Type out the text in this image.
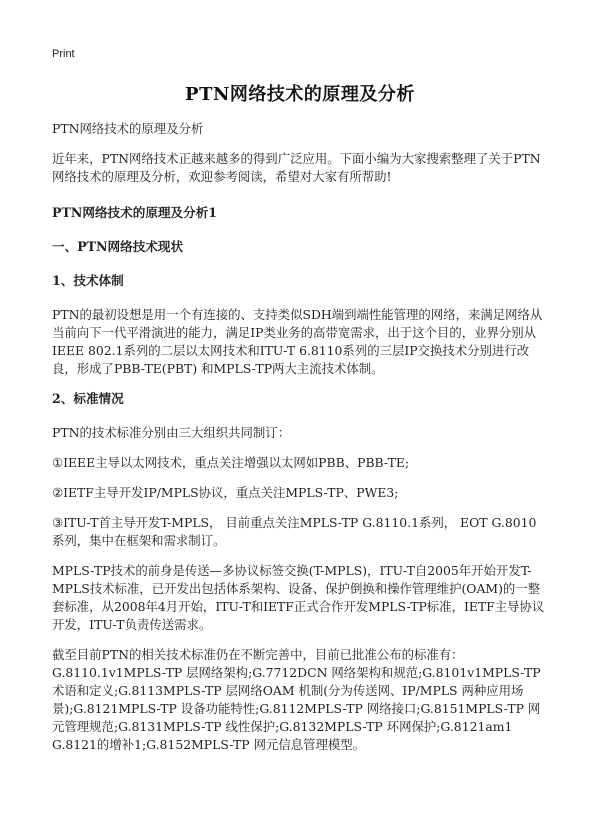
Print
PTN网络技术的原理及分析

PTN网络技术的原理及分析

近年来，PTN网络技术正越来越多的得到广泛应用。下面小编为大家搜索整理了关于PTN网络技术的原理及分析，欢迎参考阅读，希望对大家有所帮助!

PTN网络技术的原理及分析1

一、PTN网络技术现状

1、技术体制

PTN的最初设想是用一个有连接的、支持类似SDH端到端性能管理的网络，来满足网络从当前向下一代平滑演进的能力，满足IP类业务的高带宽需求，出于这个目的，业界分别从IEEE 802.1系列的二层以太网技术和ITU-T 6.8110系列的三层IP交换技术分别进行改良，形成了PBB-TE(PBT) 和MPLS-TP两大主流技术体制。

2、标准情况

PTN的技术标准分别由三大组织共同制订：

①IEEE主导以太网技术，重点关注增强以太网如PBB、PBB-TE;

②IETF主导开发IP/MPLS协议，重点关注MPLS-TP、PWE3;

③ITU-T首主导开发T-MPLS， 目前重点关注MPLS-TP G.8110.1系列， EOT G.8010 系列，集中在框架和需求制订。

MPLS-TP技术的前身是传送—多协议标签交换(T-MPLS)，ITU-T自2005年开始开发T-MPLS技术标准，已开发出包括体系架构、设备、保护倒换和操作管理维护(OAM)的一整套标准，从2008年4月开始，ITU-T和IETF正式合作开发MPLS-TP标准，IETF主导协议开发，ITU-T负责传送需求。

截至目前PTN的相关技术标准仍在不断完善中，目前已批准公布的标准有：G.8110.1v1MPLS-TP 层网络架构;G.7712DCN 网络架构和规范;G.8101v1MPLS-TP术语和定义;G.8113MPLS-TP 层网络OAM 机制(分为传送网、IP/MPLS 两种应用场景);G.8121MPLS-TP 设备功能特性;G.8112MPLS-TP 网络接口;G.8151MPLS-TP 网元管理规范;G.8131MPLS-TP 线性保护;G.8132MPLS-TP 环网保护;G.8121am1 G.8121的增补1;G.8152MPLS-TP 网元信息管理模型。
